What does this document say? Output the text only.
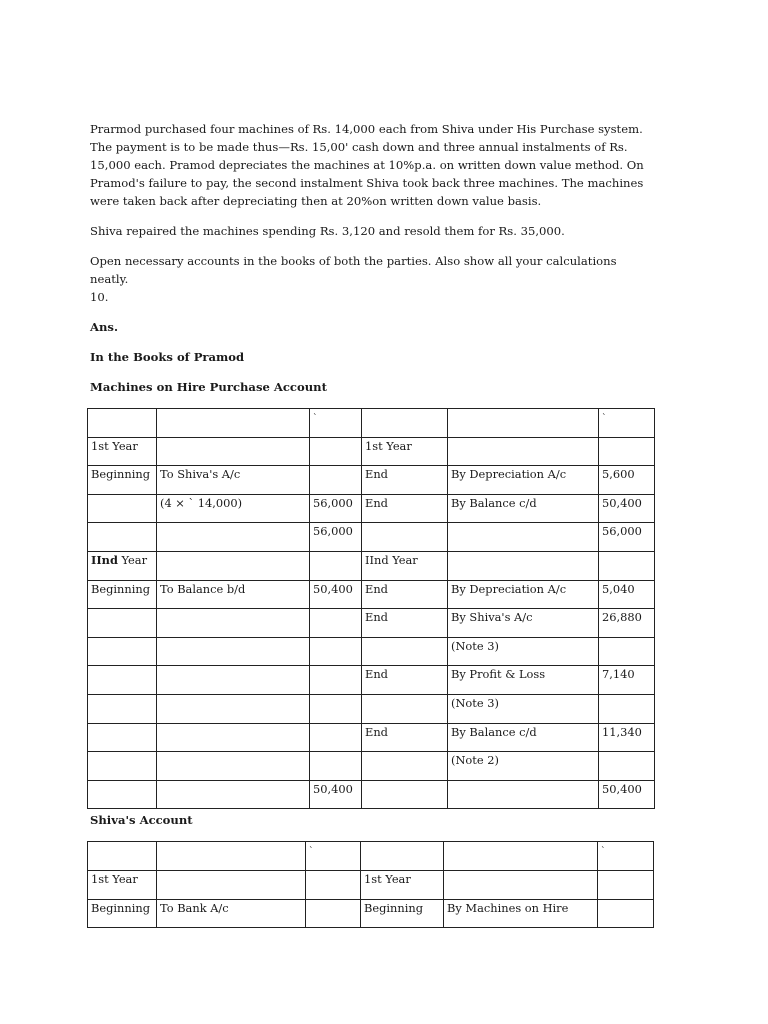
Prarmod purchased four machines of Rs. 14,000 each from Shiva under His Purchase system. The payment is to be made thus—Rs. 15,00' cash down and three annual instalments of Rs. 15,000 each. Pramod depreciates the machines at 10%p.a. on written down value method. On Pramod's failure to pay, the second instalment Shiva took back three machines. The machines were taken back after depreciating then at 20%on written down value basis.

Shiva repaired the machines spending Rs. 3,120 and resold them for Rs. 35,000.

Open necessary accounts in the books of both the parties. Also show all your calculations neatly.

10.

Ans.

In the Books of Pramod

Machines on Hire Purchase Account

		`			`
1st Year			1st Year		
Beginning	To Shiva's A/c		End	By Depreciation A/c	5,600
	(4 × ` 14,000)	56,000	End	By Balance c/d	50,400
		56,000			56,000
IInd Year			IInd Year		
Beginning	To Balance b/d	50,400	End	By Depreciation A/c	5,040
			End	By Shiva's A/c	26,880
				(Note 3)	
			End	By Profit & Loss	7,140
				(Note 3)	
			End	By Balance c/d	11,340
				(Note 2)	
		50,400			50,400

Shiva's Account

		`			`
1st Year			1st Year		
Beginning	To Bank A/c		Beginning	By Machines on Hire	
